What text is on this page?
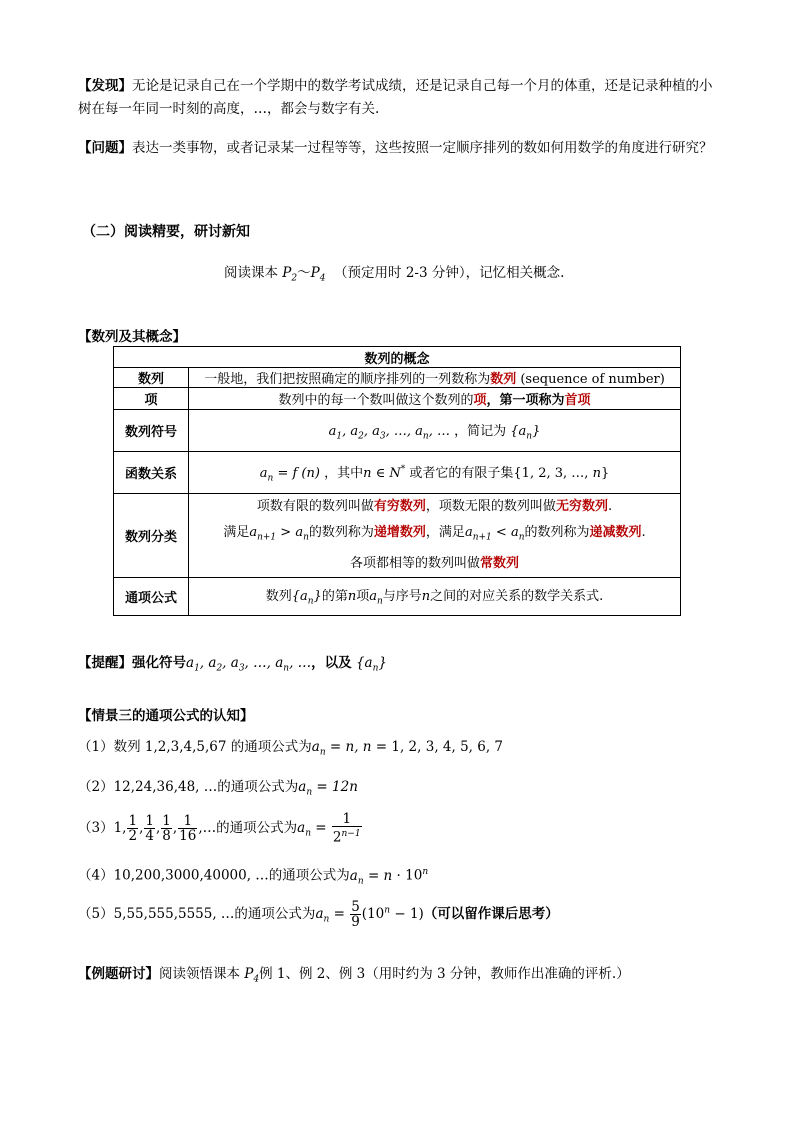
【发现】无论是记录自己在一个学期中的数学考试成绩，还是记录自己每一个月的体重，还是记录种植的小树在每一年同一时刻的高度，…，都会与数字有关.
【问题】表达一类事物，或者记录某一过程等等，这些按照一定顺序排列的数如何用数学的角度进行研究？
（二）阅读精要，研讨新知
阅读课本 $P_2\sim P_4$ （预定用时 2-3 分钟），记忆相关概念.
【数列及其概念】
数列的概念	
数列	一般地，我们把按照确定的顺序排列的一列数称为数列 (sequence of number)
项	数列中的每一个数叫做这个数列的项，第一项称为首项
数列符号	$a_1$, $a_2$, $a_3$, …, $a_n$, … ，简记为 $\{a_n\}$
函数关系	$a_n = f$ (n) ，其中n ∈ N* 或者它的有限子集{1, 2, 3, …, n}
数列分类	项数有限的数列叫做有穷数列，项数无限的数列叫做无穷数列.
满足$a_{n+1} > a_n$的数列称为递增数列，满足$a_{n+1} < a_n$的数列称为递减数列.
各项都相等的数列叫做常数列

通项公式	数列$\{a_n\}$的第n项$a_n$与序号n之间的对应关系的数学关系式.
【提醒】强化符号$a_1$, $a_2$, $a_3$, …, $a_n$, …，以及 $\{a_n\}$
【情景三的通项公式的认知】
（1）数列 1,2,3,4,5,67 的通项公式为$a_n = n$, n = 1, 2, 3, 4, 5, 6, 7
（2）12,24,36,48, …的通项公式为$a_n = 12n$
（3）1, $\frac{1}{2}$ , $\frac{1}{4}$ , $\frac{1}{8}$ , $\frac{1}{16}$ ,…的通项公式为$a_n = \frac{1}{2^{n-1}}$
（4）10,200,3000,40000, …的通项公式为$a_n = n \cdot 10^n$
（5）5,55,555,5555, …的通项公式为$a_n = \frac{5}{9} (10^n - 1)$（可以留作课后思考）
【例题研讨】阅读领悟课本 $P_4$例 1、例 2、例 3（用时约为 3 分钟，教师作出准确的评析.）
